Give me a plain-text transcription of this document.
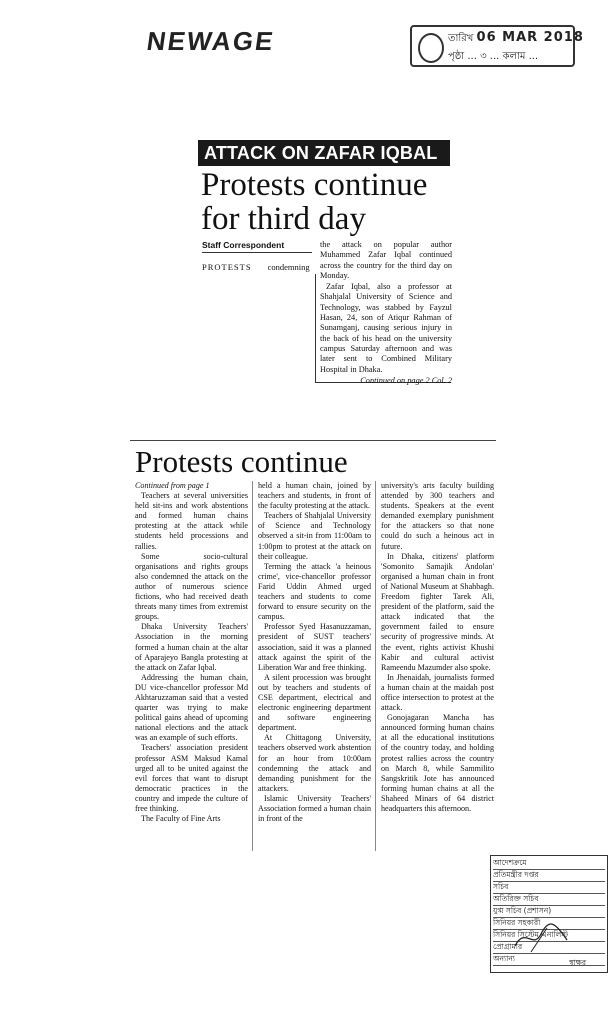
NEWAGE	তারিখ 06 MAR 2018
পৃষ্ঠা ... ৩ ... কলাম ...
ATTACK ON ZAFAR IQBAL
Protests continue for third day
Staff Correspondent
PROTESTS condemning

the attack on popular author Muhammed Zafar Iqbal continued across the country for the third day on Monday.

Zafar Iqbal, also a professor at Shahjalal University of Science and Technology, was stabbed by Fayzul Hasan, 24, son of Atiqur Rahman of Sunamganj, causing serious injury in the back of his head on the university campus Saturday afternoon and was later sent to Combined Military Hospital in Dhaka.

Continued on page 2 Col. 2

Protests continue

Continued from page 1

Teachers at several universities held sit-ins and work abstentions and formed human chains protesting at the attack while students held processions and rallies.

Some socio-cultural organisations and rights groups also condemned the attack on the author of numerous science fictions, who had received death threats many times from extremist groups.

Dhaka University Teachers' Association in the morning formed a human chain at the altar of Aparajeyo Bangla protesting at the attack on Zafar Iqbal.

Addressing the human chain, DU vice-chancellor professor Md Akhtaruzzaman said that a vested quarter was trying to make political gains ahead of upcoming national elections and the attack was an example of such efforts.

Teachers' association president professor ASM Maksud Kamal urged all to be united against the evil forces that want to disrupt democratic practices in the country and impede the culture of free thinking.

The Faculty of Fine Arts

held a human chain, joined by teachers and students, in front of the faculty protesting at the attack.

Teachers of Shahjalal University of Science and Technology observed a sit-in from 11:00am to 1:00pm to protest at the attack on their colleague.

Terming the attack 'a heinous crime', vice-chancellor professor Farid Uddin Ahmed urged teachers and students to come forward to ensure security on the campus.

Professor Syed Hasanuzzaman, president of SUST teachers' association, said it was a planned attack against the spirit of the Liberation War and free thinking.

A silent procession was brought out by teachers and students of CSE department, electrical and electronic engineering department and software engineering department.

At Chittagong University, teachers observed work abstention for an hour from 10:00am condemning the attack and demanding punishment for the attackers.

Islamic University Teachers' Association formed a human chain in front of the

university's arts faculty building attended by 300 teachers and students. Speakers at the event demanded exemplary punishment for the attackers so that none could do such a heinous act in future.

In Dhaka, citizens' platform 'Somonito Samajik Andolan' organised a human chain in front of National Museum at Shahbagh. Freedom fighter Tarek Ali, president of the platform, said the attack indicated that the government failed to ensure security of progressive minds. At the event, rights activist Khushi Kabir and cultural activist Rameendu Mazumder also spoke.

In Jhenaidah, journalists formed a human chain at the maidah post office intersection to protest at the attack.

Gonojagaran Mancha has announced forming human chains at all the educational institutions of the country today, and holding protest rallies across the country on March 8, while Sammilito Sangskritik Jote has announced forming human chains at all the Shaheed Minars of 64 district headquarters this afternoon.

আদেশক্রমে
প্রতিমন্ত্রীর দপ্তর
সচিব
অতিরিক্ত সচিব
যুগ্ম সচিব (প্রশাসন)
সিনিয়র সহকারী
সিনিয়র সিস্টেম এনালিস্ট
প্রোগ্রামার
অন্যান্য	স্বাক্ষর
